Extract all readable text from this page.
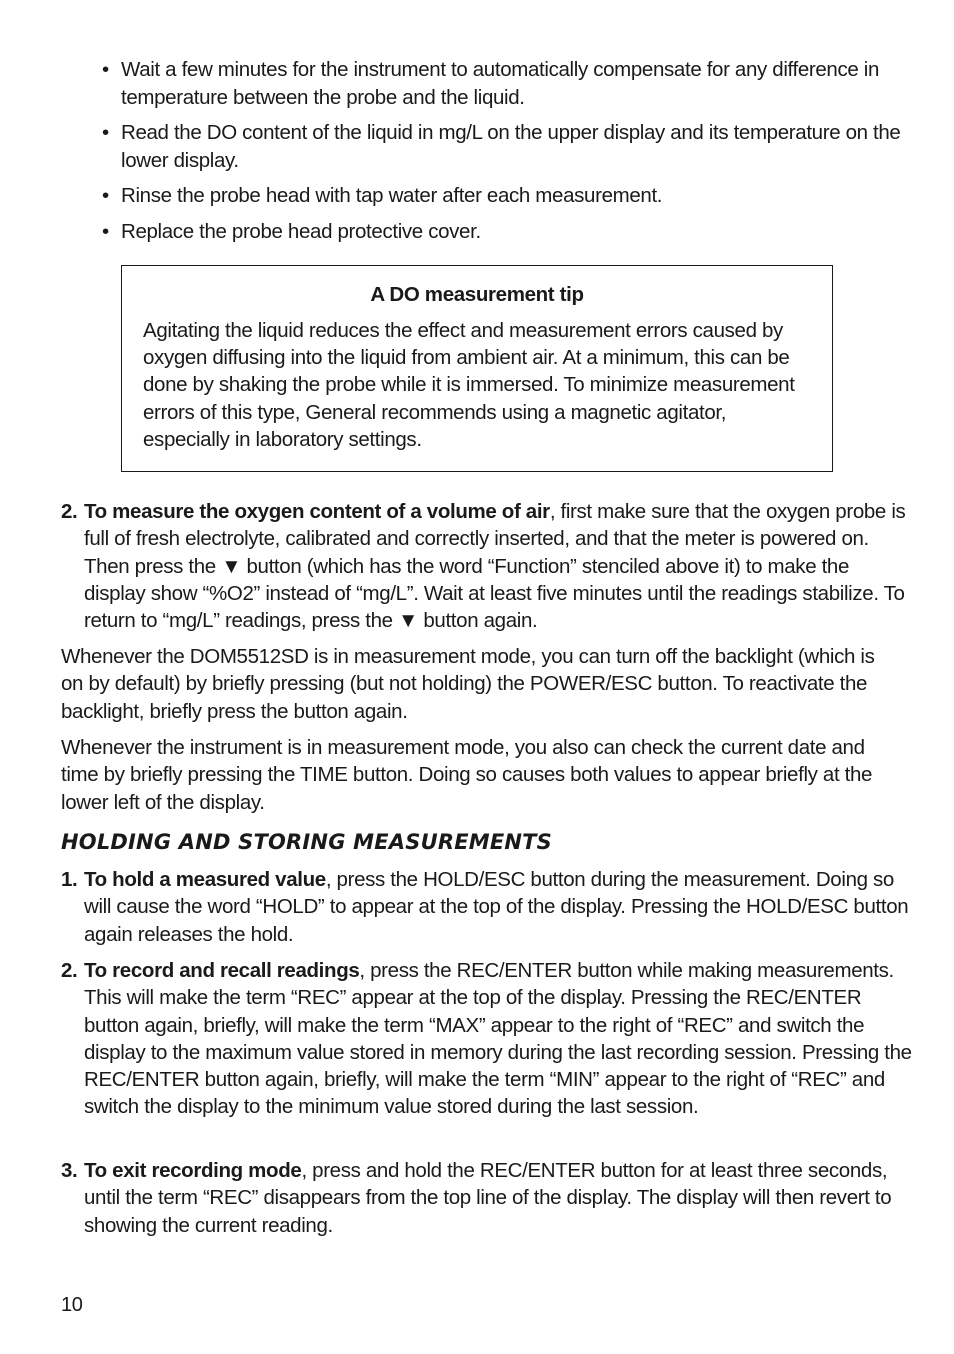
• Wait a few minutes for the instrument to automatically compensate for any difference in temperature between the probe and the liquid.
• Read the DO content of the liquid in mg/L on the upper display and its temperature on the lower display.
• Rinse the probe head with tap water after each measurement.
• Replace the probe head protective cover.
A DO measurement tip

Agitating the liquid reduces the effect and measurement errors caused by oxygen diffusing into the liquid from ambient air. At a minimum, this can be done by shaking the probe while it is immersed. To minimize measurement errors of this type, General recommends using a magnetic agitator, especially in laboratory settings.

2. To measure the oxygen content of a volume of air, first make sure that the oxygen probe is full of fresh electrolyte, calibrated and correctly inserted, and that the meter is powered on. Then press the ▼ button (which has the word “Function” stenciled above it) to make the display show “%O2” instead of “mg/L”. Wait at least five minutes until the readings stabilize. To return to “mg/L” readings, press the ▼ button again.

Whenever the DOM5512SD is in measurement mode, you can turn off the backlight (which is on by default) by briefly pressing (but not holding) the POWER/ESC button. To reactivate the backlight, briefly press the button again.

Whenever the instrument is in measurement mode, you also can check the current date and time by briefly pressing the TIME button. Doing so causes both values to appear briefly at the lower left of the display.

HOLDING AND STORING MEASUREMENTS

1. To hold a measured value, press the HOLD/ESC button during the measurement. Doing so will cause the word “HOLD” to appear at the top of the display. Pressing the HOLD/ESC button again releases the hold.

2. To record and recall readings, press the REC/ENTER button while making measurements. This will make the term “REC” appear at the top of the display. Pressing the REC/ENTER button again, briefly, will make the term “MAX” appear to the right of “REC” and switch the display to the maximum value stored in memory during the last recording session. Pressing the REC/ENTER button again, briefly, will make the term “MIN” appear to the right of “REC” and switch the display to the minimum value stored during the last session.

3. To exit recording mode, press and hold the REC/ENTER button for at least three seconds, until the term “REC” disappears from the top line of the display. The display will then revert to showing the current reading.

10
